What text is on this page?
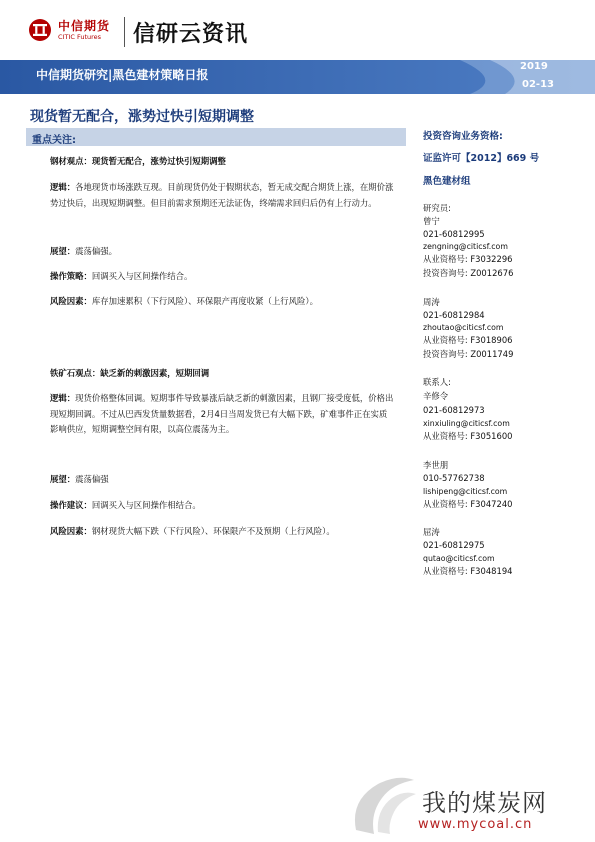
中信期货
CITIC Futures 信研云资讯
中信期货研究|黑色建材策略日报
2019
02-13
现货暂无配合，涨势过快引短期调整
重点关注:
钢材观点：现货暂无配合，涨势过快引短期调整
逻辑：各地现货市场涨跌互现。目前现货仍处于假期状态，暂无成交配合期货上涨，在期价涨势过快后，出现短期调整。但目前需求预期还无法证伪，终端需求回归后仍有上行动力。
展望：震荡偏强。
操作策略：回调买入与区间操作结合。
风险因素：库存加速累积（下行风险）、环保限产再度收紧（上行风险）。
铁矿石观点：缺乏新的刺激因素，短期回调
逻辑：现货价格整体回调。短期事件导致暴涨后缺乏新的刺激因素，且钢厂接受度低，价格出现短期回调。不过从巴西发货量数据看，2月4日当周发货已有大幅下跌，矿难事件正在实质影响供应，短期调整空间有限，以高位震荡为主。
展望：震荡偏强
操作建议：回调买入与区间操作相结合。
风险因素：钢材现货大幅下跌（下行风险）、环保限产不及预期（上行风险）。
投资咨询业务资格:
证监许可【2012】669 号
黑色建材组
研究员:
曾宁
021-60812995
zengning@citicsf.com
从业资格号: F3032296
投资咨询号: Z0012676
周涛
021-60812984
zhoutao@citicsf.com
从业资格号: F3018906
投资咨询号: Z0011749
联系人:
辛修令
021-60812973
xinxiuling@citicsf.com
从业资格号: F3051600
李世朋
010-57762738
lishipeng@citicsf.com
从业资格号: F3047240
屈涛
021-60812975
qutao@citicsf.com
从业资格号: F3048194
我的煤炭网
www.mycoal.cn
